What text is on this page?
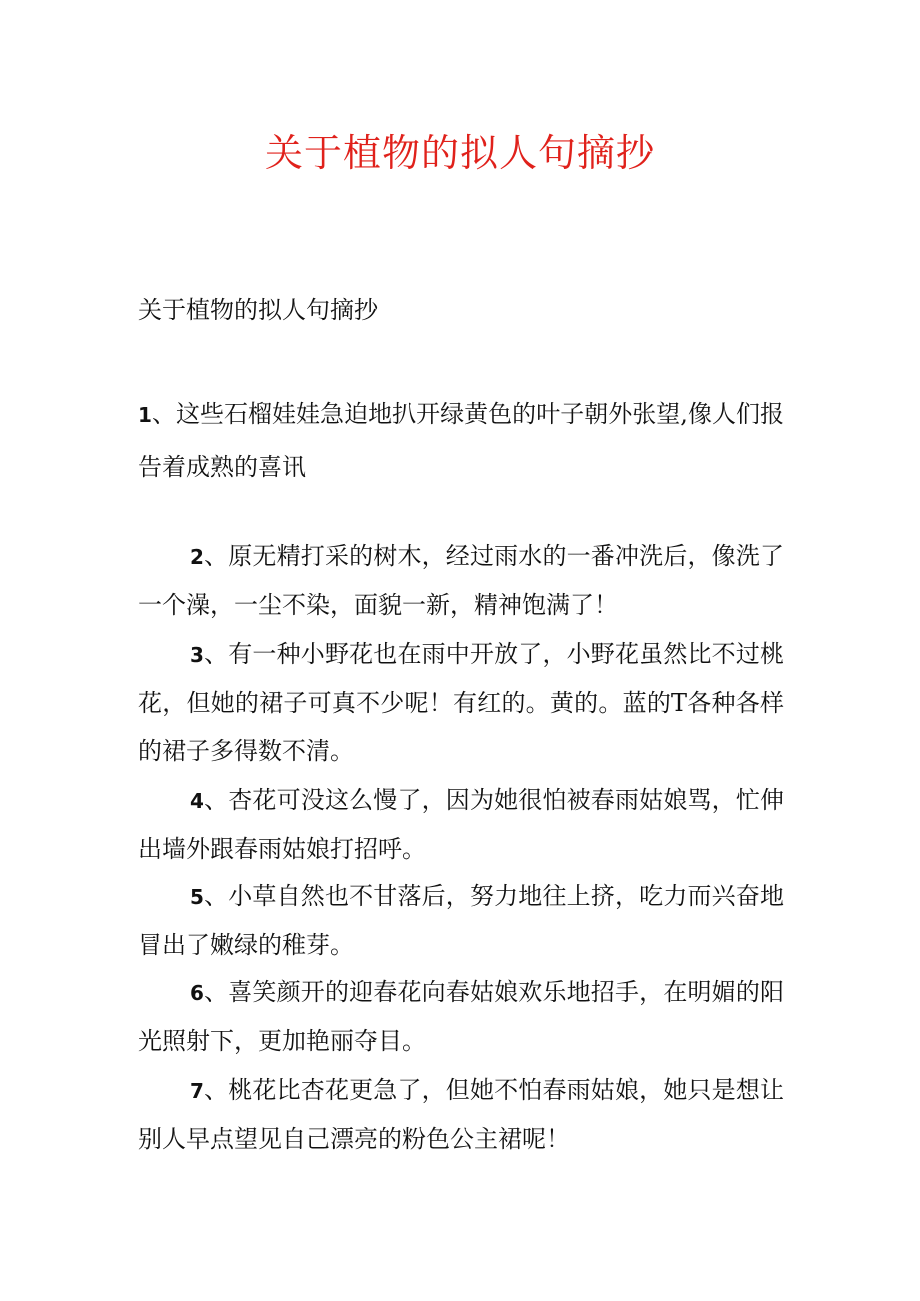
关于植物的拟人句摘抄
关于植物的拟人句摘抄

1、这些石榴娃娃急迫地扒开绿黄色的叶子朝外张望,像人们报告着成熟的喜讯

2、原无精打采的树木，经过雨水的一番冲洗后，像洗了一个澡，一尘不染，面貌一新，精神饱满了！

3、有一种小野花也在雨中开放了，小野花虽然比不过桃花，但她的裙子可真不少呢！有红的。黄的。蓝的T各种各样的裙子多得数不清。

4、杏花可没这么慢了，因为她很怕被春雨姑娘骂，忙伸出墙外跟春雨姑娘打招呼。

5、小草自然也不甘落后，努力地往上挤，吃力而兴奋地冒出了嫩绿的稚芽。

6、喜笑颜开的迎春花向春姑娘欢乐地招手，在明媚的阳光照射下，更加艳丽夺目。

7、桃花比杏花更急了，但她不怕春雨姑娘，她只是想让别人早点望见自己漂亮的粉色公主裙呢！
